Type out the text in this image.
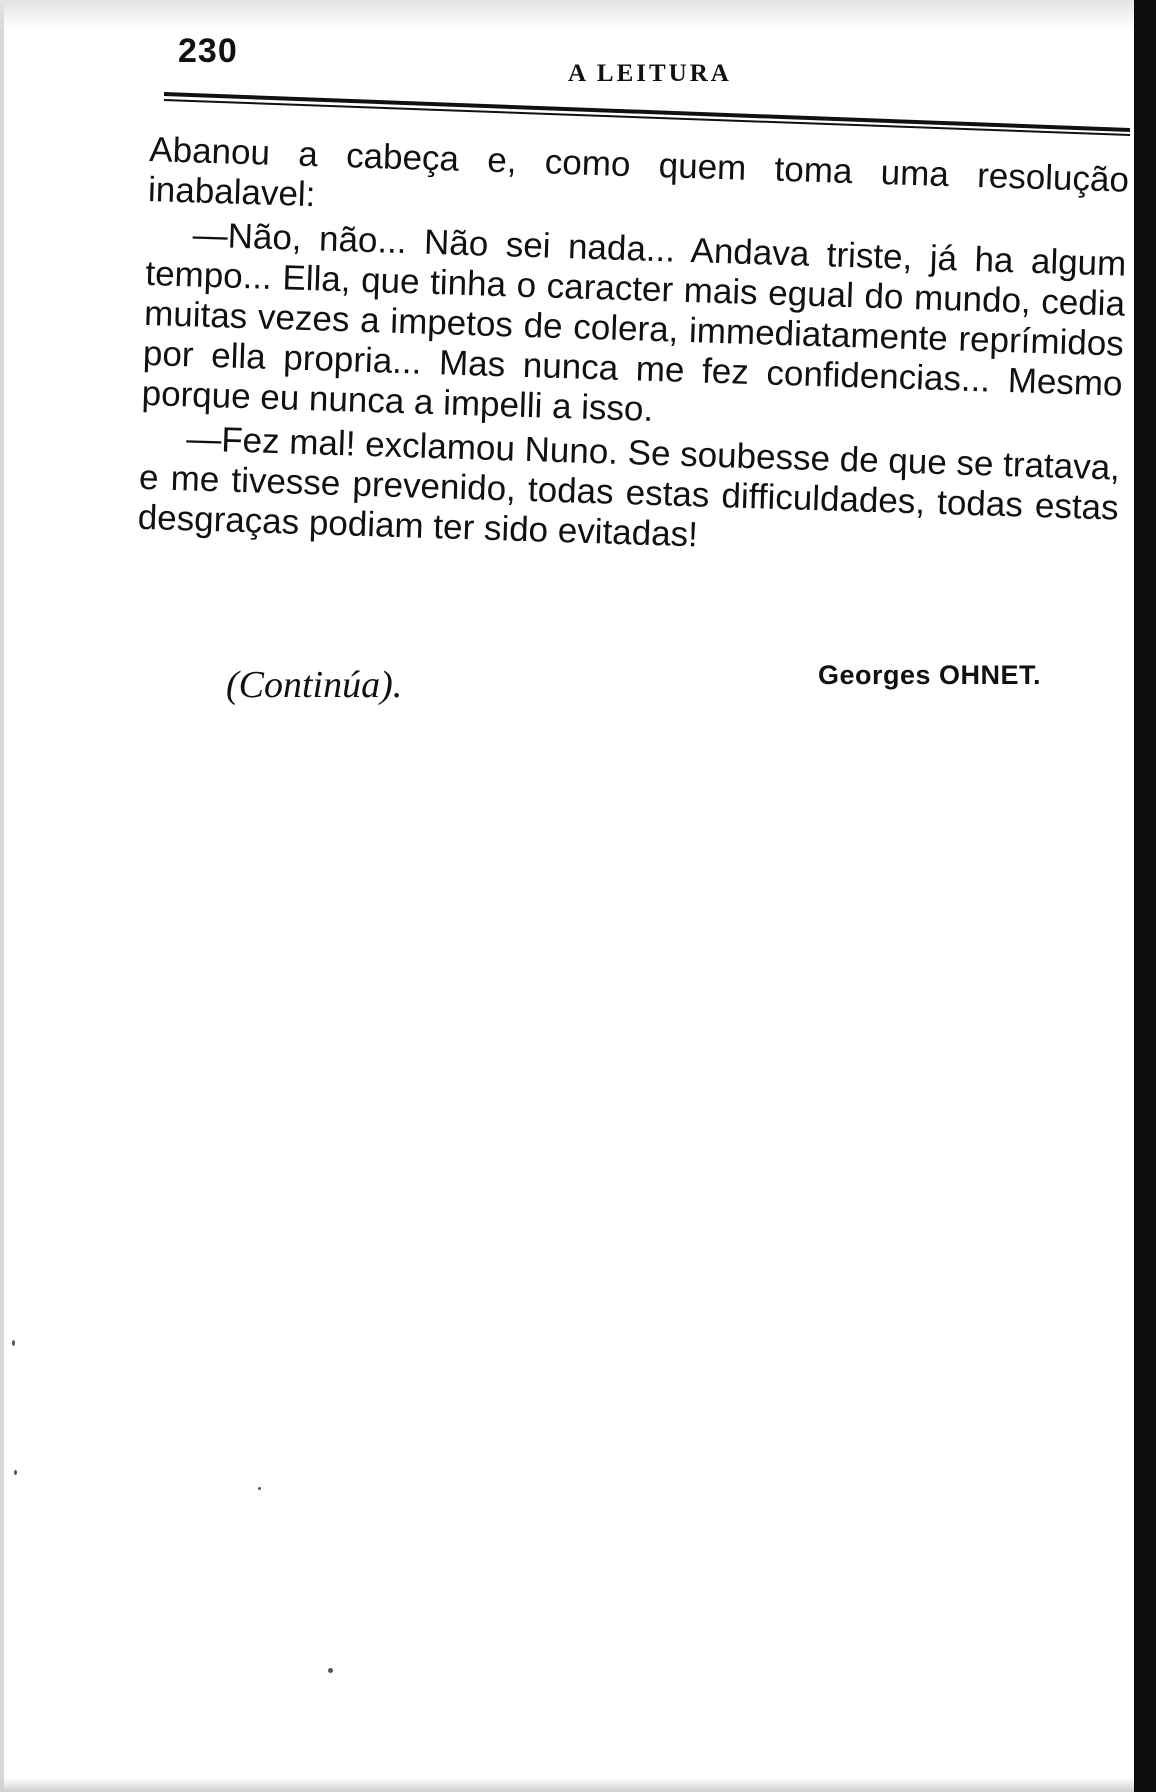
230
A LEITURA

Abanou a cabeça e, como quem toma uma resolução inabalavel:

—Não, não... Não sei nada... Andava triste, já ha algum tempo... Ella, que tinha o caracter mais egual do mundo, cedia muitas vezes a impetos de colera, immediatamente reprímidos por ella propria... Mas nunca me fez confidencias... Mesmo porque eu nunca a impelli a isso.

—Fez mal! exclamou Nuno. Se soubesse de que se tratava, e me tivesse prevenido, todas estas difficuldades, todas estas desgraças podiam ter sido evitadas!

(Continúa).	Georges OHNET.
